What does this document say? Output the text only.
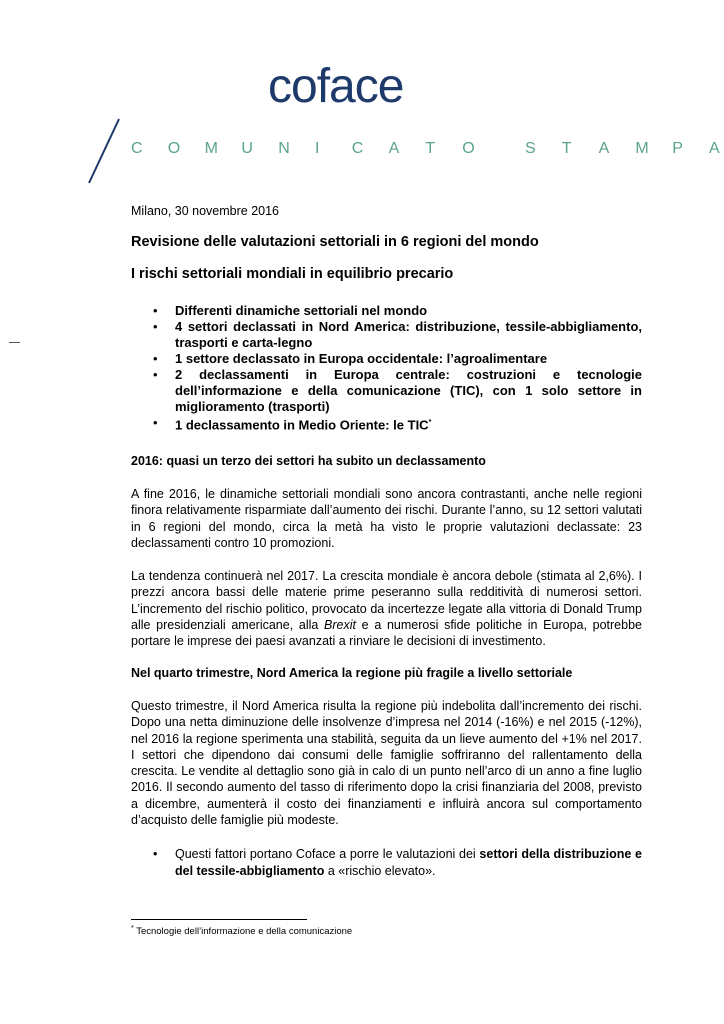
coface
C O M U N I C A T O	S T A M P A
Milano, 30 novembre 2016
Revisione delle valutazioni settoriali in 6 regioni del mondo
I rischi settoriali mondiali in equilibrio precario
• Differenti dinamiche settoriali nel mondo
• 4 settori declassati in Nord America: distribuzione, tessile-abbigliamento, trasporti e carta-legno
• 1 settore declassato in Europa occidentale: l’agroalimentare
• 2 declassamenti in Europa centrale: costruzioni e tecnologie dell’informazione e della comunicazione (TIC), con 1 solo settore in miglioramento (trasporti)
• 1 declassamento in Medio Oriente: le TIC*
2016: quasi un terzo dei settori ha subito un declassamento
A fine 2016, le dinamiche settoriali mondiali sono ancora contrastanti, anche nelle regioni finora relativamente risparmiate dall’aumento dei rischi. Durante l’anno, su 12 settori valutati in 6 regioni del mondo, circa la metà ha visto le proprie valutazioni declassate: 23 declassamenti contro 10 promozioni.
La tendenza continuerà nel 2017. La crescita mondiale è ancora debole (stimata al 2,6%). I prezzi ancora bassi delle materie prime peseranno sulla redditività di numerosi settori. L’incremento del rischio politico, provocato da incertezze legate alla vittoria di Donald Trump alle presidenziali americane, alla Brexit e a numerosi sfide politiche in Europa, potrebbe portare le imprese dei paesi avanzati a rinviare le decisioni di investimento.
Nel quarto trimestre, Nord America la regione più fragile a livello settoriale
Questo trimestre, il Nord America risulta la regione più indebolita dall’incremento dei rischi. Dopo una netta diminuzione delle insolvenze d’impresa nel 2014 (-16%) e nel 2015 (-12%), nel 2016 la regione sperimenta una stabilità, seguita da un lieve aumento del +1% nel 2017. I settori che dipendono dai consumi delle famiglie soffriranno del rallentamento della crescita. Le vendite al dettaglio sono già in calo di un punto nell’arco di un anno a fine luglio 2016. Il secondo aumento del tasso di riferimento dopo la crisi finanziaria del 2008, previsto a dicembre, aumenterà il costo dei finanziamenti e influirà ancora sul comportamento d’acquisto delle famiglie più modeste.
• Questi fattori portano Coface a porre le valutazioni dei settori della distribuzione e del tessile-abbigliamento a «rischio elevato».
* Tecnologie dell’informazione e della comunicazione
